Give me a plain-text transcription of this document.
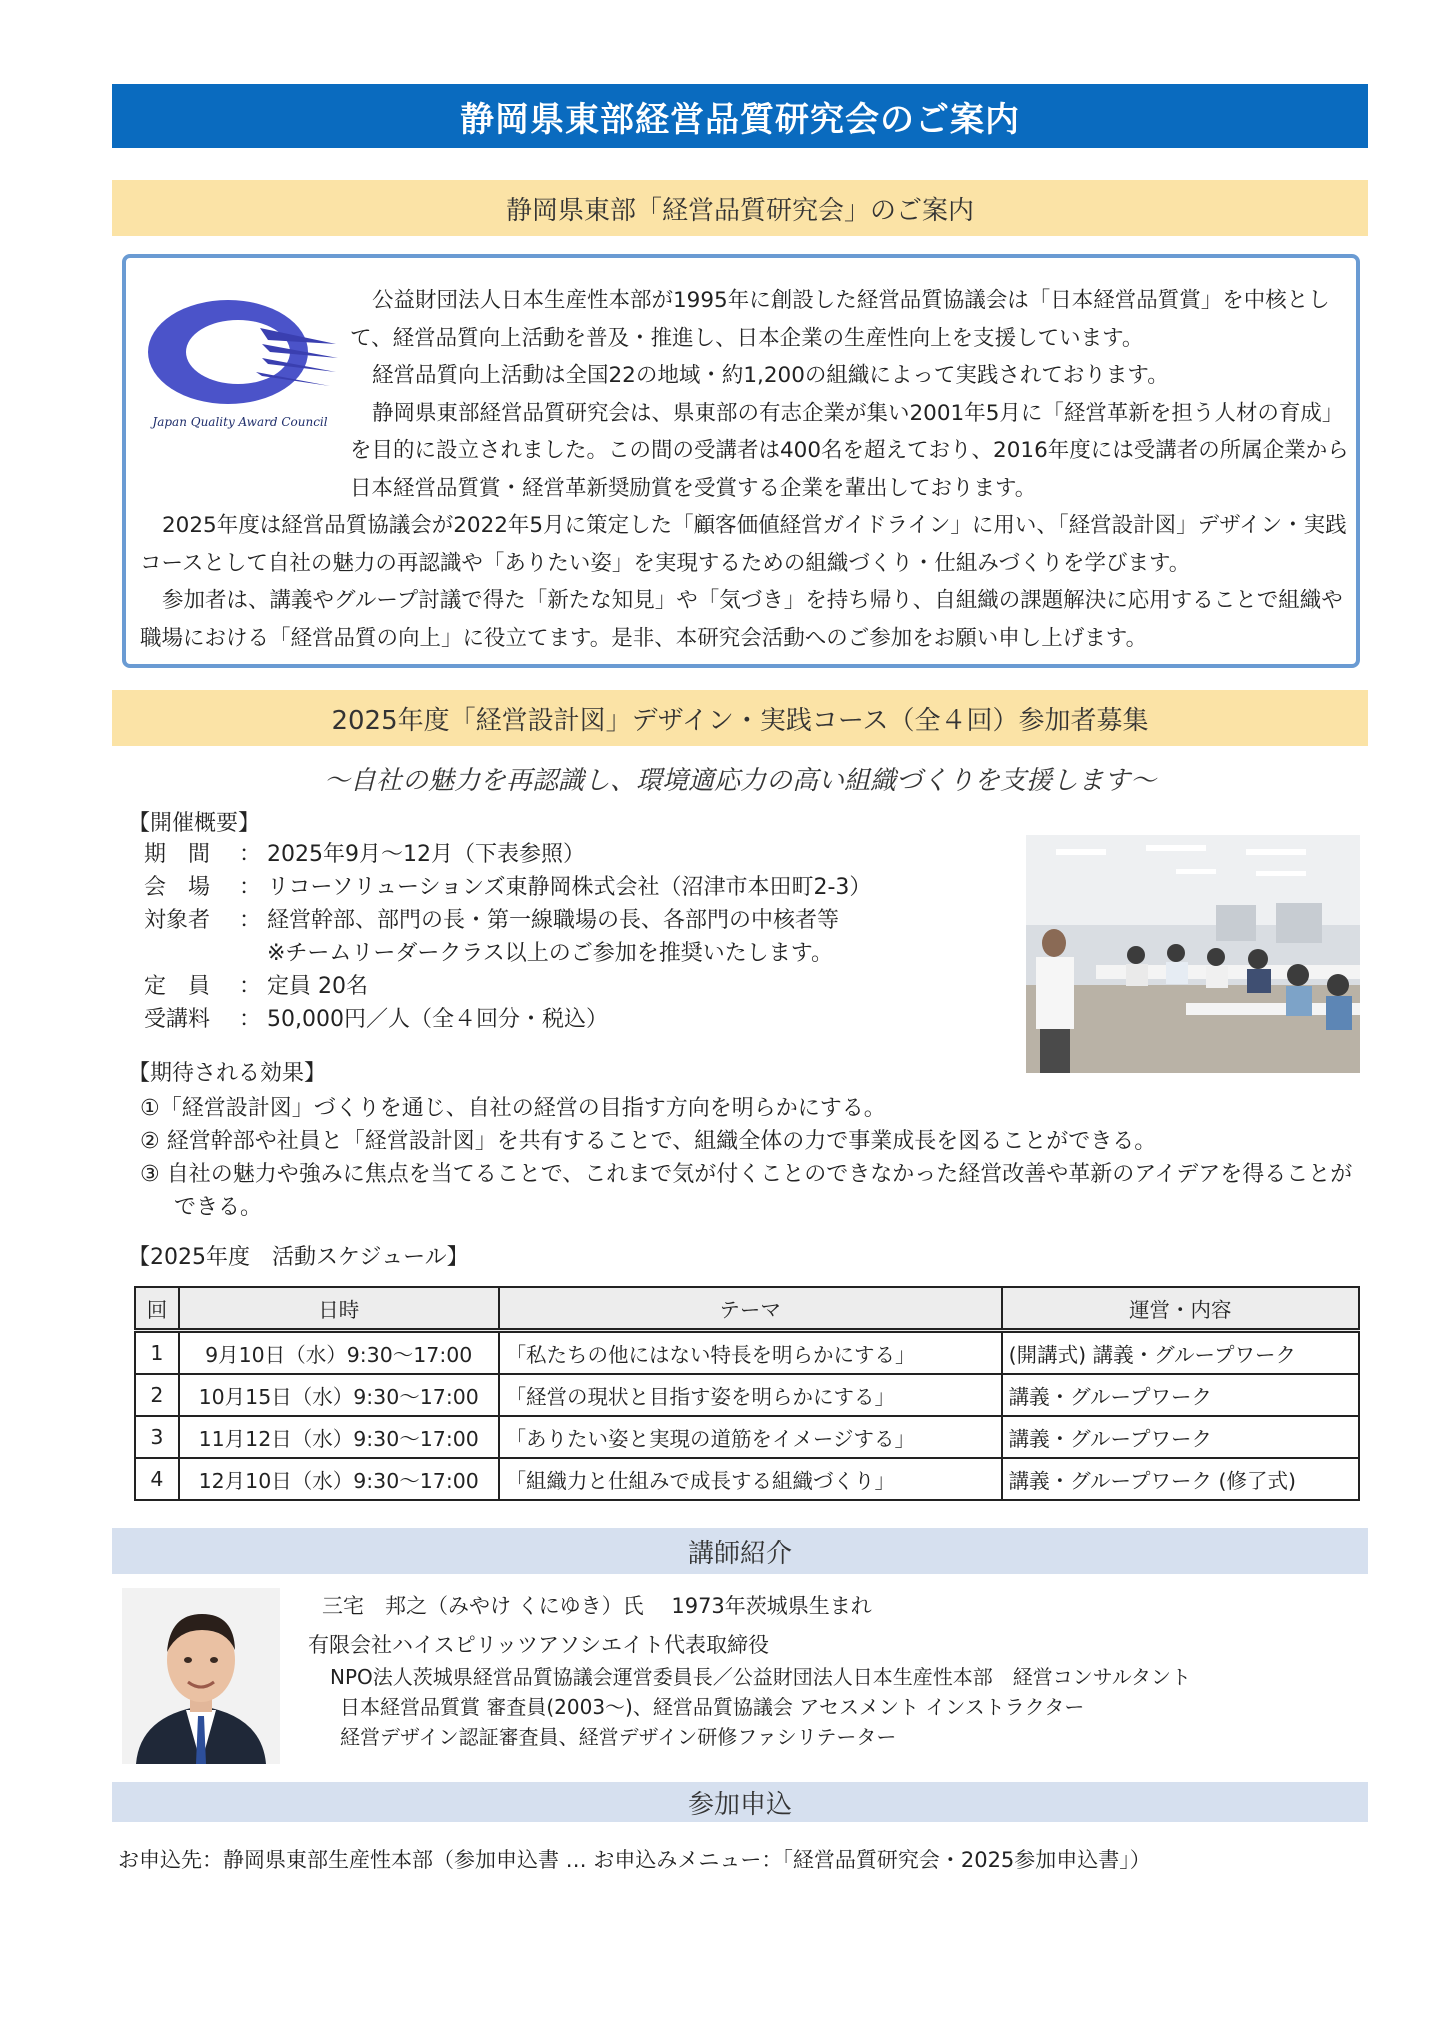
静岡県東部経営品質研究会のご案内
静岡県東部「経営品質研究会」のご案内
Japan Quality Award Council

公益財団法人日本生産性本部が1995年に創設した経営品質協議会は「日本経営品質賞」を中核として、経営品質向上活動を普及・推進し、日本企業の生産性向上を支援しています。

経営品質向上活動は全国22の地域・約1,200の組織によって実践されております。

静岡県東部経営品質研究会は、県東部の有志企業が集い2001年5月に「経営革新を担う人材の育成」を目的に設立されました。この間の受講者は400名を超えており、2016年度には受講者の所属企業から日本経営品質賞・経営革新奨励賞を受賞する企業を輩出しております。

2025年度は経営品質協議会が2022年5月に策定した「顧客価値経営ガイドライン」に用い、「経営設計図」デザイン・実践コースとして自社の魅力の再認識や「ありたい姿」を実現するための組織づくり・仕組みづくりを学びます。

参加者は、講義やグループ討議で得た「新たな知見」や「気づき」を持ち帰り、自組織の課題解決に応用することで組織や職場における「経営品質の向上」に役立てます。是非、本研究会活動へのご参加をお願い申し上げます。

2025年度「経営設計図」デザイン・実践コース（全４回）参加者募集
～自社の魅力を再認識し、環境適応力の高い組織づくりを支援します～
【開催概要】
期　間 ： 2025年9月～12月（下表参照）
会　場 ： リコーソリューションズ東静岡株式会社（沼津市本田町2-3）
対象者 ： 経営幹部、部門の長・第一線職場の長、各部門の中核者等
※チームリーダークラス以上のご参加を推奨いたします。
定　員 ： 定員 20名
受講料 ： 50,000円／人（全４回分・税込）
【期待される効果】
①「経営設計図」づくりを通じ、自社の経営の目指す方向を明らかにする。
② 経営幹部や社員と「経営設計図」を共有することで、組織全体の力で事業成長を図ることができる。
③ 自社の魅力や強みに焦点を当てることで、これまで気が付くことのできなかった経営改善や革新のアイデアを得ることができる。
【2025年度　活動スケジュール】
回	日時	テーマ	運営・内容
1	9月10日（水）9:30～17:00	「私たちの他にはない特長を明らかにする」	(開講式) 講義・グループワーク
2	10月15日（水）9:30～17:00	「経営の現状と目指す姿を明らかにする」	講義・グループワーク
3	11月12日（水）9:30～17:00	「ありたい姿と実現の道筋をイメージする」	講義・グループワーク
4	12月10日（水）9:30～17:00	「組織力と仕組みで成長する組織づくり」	講義・グループワーク (修了式)
講師紹介
三宅　邦之（みやけ くにゆき）氏　 1973年茨城県生まれ
有限会社ハイスピリッツアソシエイト代表取締役
NPO法人茨城県経営品質協議会運営委員長／公益財団法人日本生産性本部　経営コンサルタント
日本経営品質賞 審査員(2003～)、経営品質協議会 アセスメント インストラクター
経営デザイン認証審査員、経営デザイン研修ファシリテーター
参加申込
お申込先：静岡県東部生産性本部（参加申込書 … お申込みメニュー：「経営品質研究会・2025参加申込書」）
